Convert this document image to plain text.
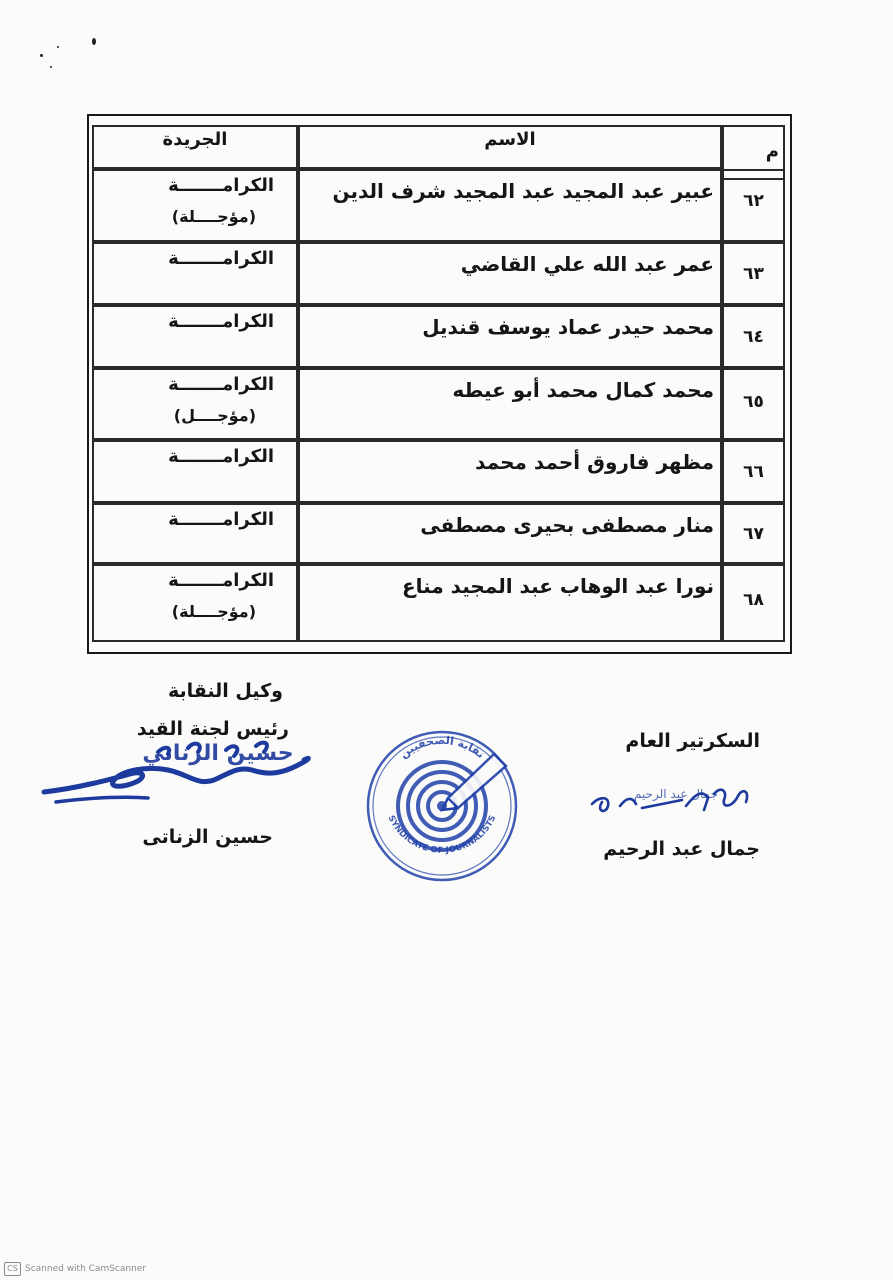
م
الاسم
الجريدة
٦٢
عبير عبد المجيد عبد المجيد شرف الدين
الكرامـــــــة
(مؤجــــلة)
٦٣
عمر عبد الله علي القاضي
الكرامـــــــة
٦٤
محمد حيدر عماد يوسف قنديل
الكرامـــــــة
٦٥
محمد كمال محمد أبو عيطه
الكرامـــــــة
(مؤجــــل)
٦٦
مظهر فاروق أحمد محمد
الكرامـــــــة
٦٧
منار مصطفى بحيرى مصطفى
الكرامـــــــة
٦٨
نورا عبد الوهاب عبد المجيد مناع
الكرامـــــــة
(مؤجــــلة)
وكيل النقابة
رئيس لجنة القيد
حسين الزناتي
حسين الزناتى
نقابة الصحفيين
SYNDICATE OF JOURNALISTS
السكرتير العام
جمال عبد الرحيم
جمال عبد الرحيم
CS Scanned with CamScanner
